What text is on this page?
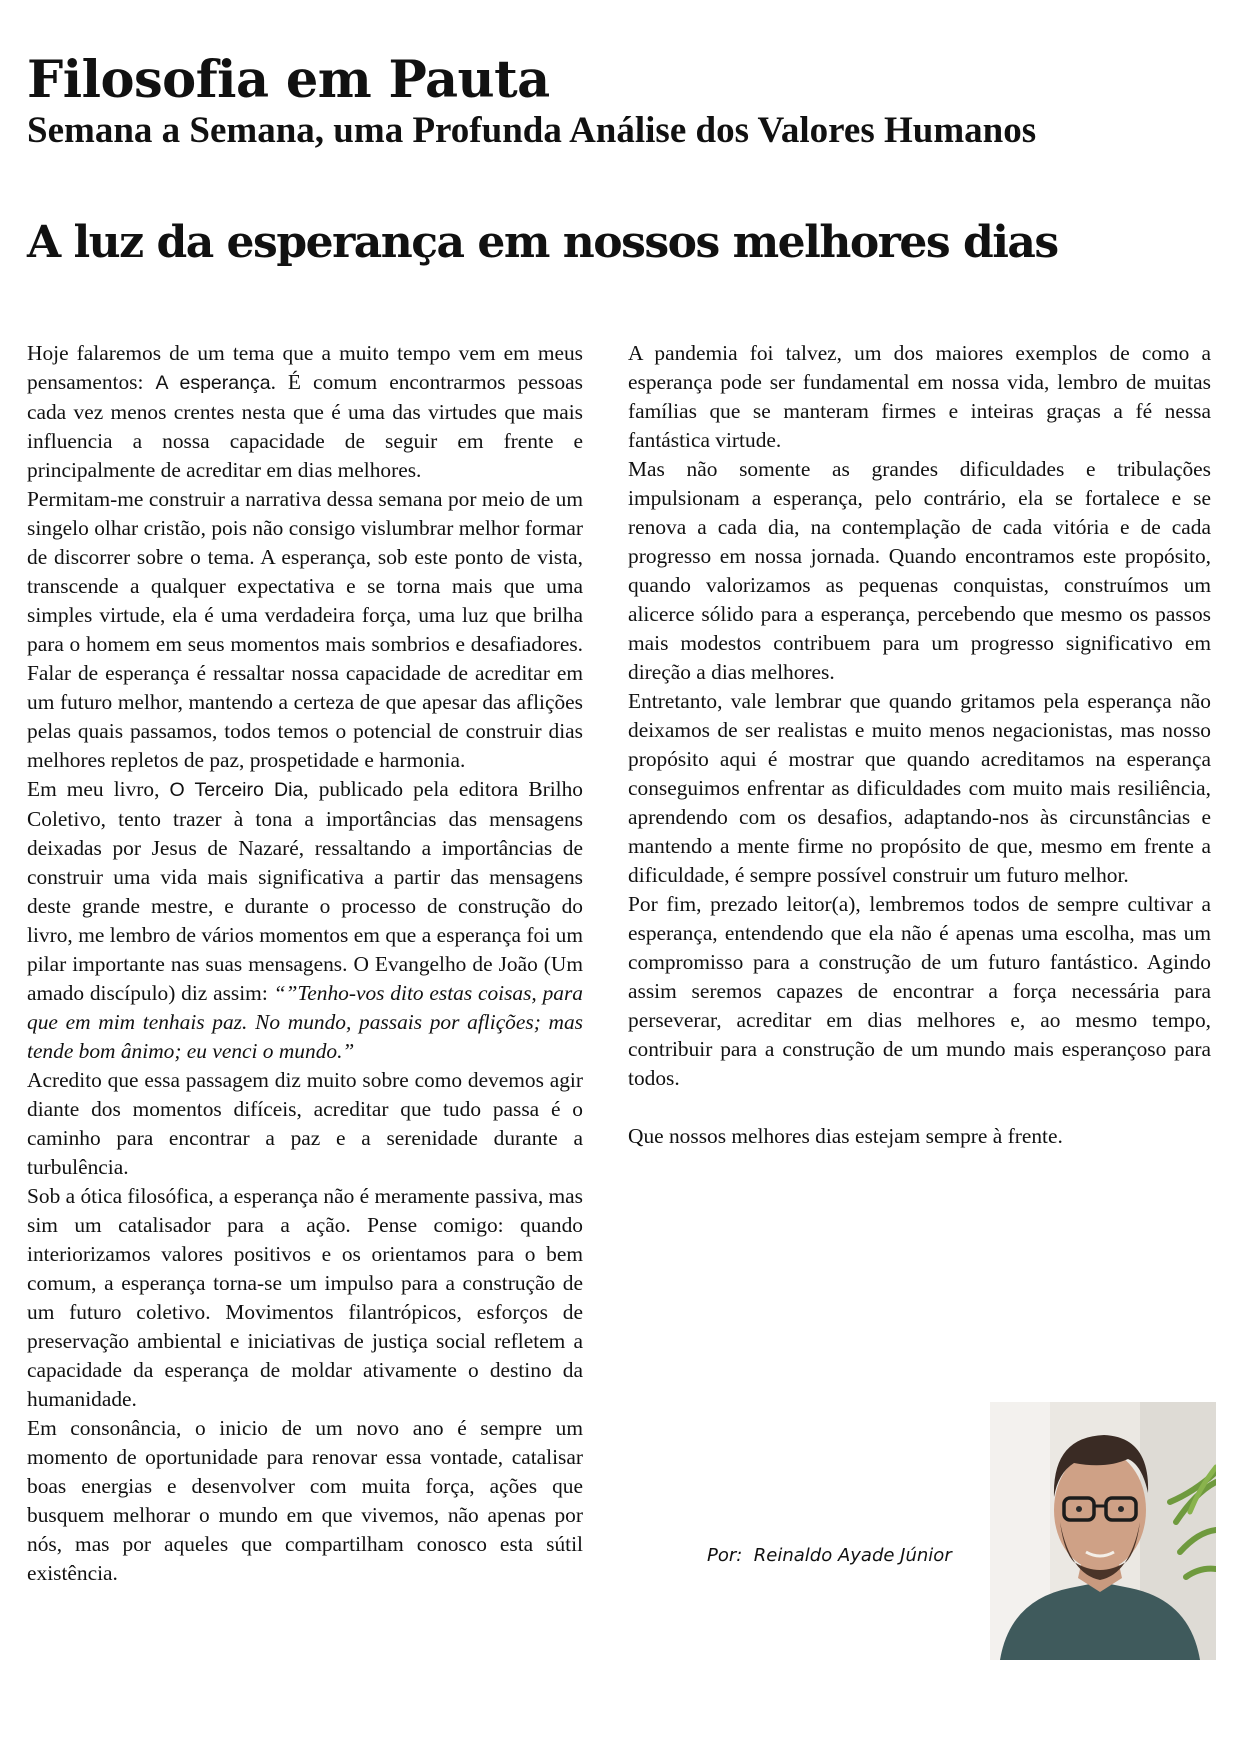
Filosofia em Pauta
Semana a Semana, uma Profunda Análise dos Valores Humanos
A luz da esperança em nossos melhores dias

Hoje falaremos de um tema que a muito tempo vem em meus pensamentos: A esperança. É comum encontrarmos pessoas cada vez menos crentes nesta que é uma das virtudes que mais influencia a nossa capacidade de seguir em frente e principalmente de acreditar em dias melhores.

Permitam-me construir a narrativa dessa semana por meio de um singelo olhar cristão, pois não consigo vislumbrar melhor formar de discorrer sobre o tema. A esperança, sob este ponto de vista, transcende a qualquer expectativa e se torna mais que uma simples virtude, ela é uma verdadeira força, uma luz que brilha para o homem em seus momentos mais sombrios e desafiadores. Falar de esperança é ressaltar nossa capacidade de acreditar em um futuro melhor, mantendo a certeza de que apesar das aflições pelas quais passamos, todos temos o potencial de construir dias melhores repletos de paz, prospetidade e harmonia.

Em meu livro, O Terceiro Dia, publicado pela editora Brilho Coletivo, tento trazer à tona a importâncias das mensagens deixadas por Jesus de Nazaré, ressaltando a importâncias de construir uma vida mais significativa a partir das mensagens deste grande mestre, e durante o processo de construção do livro, me lembro de vários momentos em que a esperança foi um pilar importante nas suas mensagens. O Evangelho de João (Um amado discípulo) diz assim: “”Tenho-vos dito estas coisas, para que em mim tenhais paz. No mundo, passais por aflições; mas tende bom ânimo; eu venci o mundo.”

Acredito que essa passagem diz muito sobre como devemos agir diante dos momentos difíceis, acreditar que tudo passa é o caminho para encontrar a paz e a serenidade durante a turbulência.

Sob a ótica filosófica, a esperança não é meramente passiva, mas sim um catalisador para a ação. Pense comigo: quando interiorizamos valores positivos e os orientamos para o bem comum, a esperança torna-se um impulso para a construção de um futuro coletivo. Movimentos filantrópicos, esforços de preservação ambiental e iniciativas de justiça social refletem a capacidade da esperança de moldar ativamente o destino da humanidade.

Em consonância, o inicio de um novo ano é sempre um momento de oportunidade para renovar essa vontade, catalisar boas energias e desenvolver com muita força, ações que busquem melhorar o mundo em que vivemos, não apenas por nós, mas por aqueles que compartilham conosco esta sútil existência.

A pandemia foi talvez, um dos maiores exemplos de como a esperança pode ser fundamental em nossa vida, lembro de muitas famílias que se manteram firmes e inteiras graças a fé nessa fantástica virtude.

Mas não somente as grandes dificuldades e tribulações impulsionam a esperança, pelo contrário, ela se fortalece e se renova a cada dia, na contemplação de cada vitória e de cada progresso em nossa jornada. Quando encontramos este propósito, quando valorizamos as pequenas conquistas, construímos um alicerce sólido para a esperança, percebendo que mesmo os passos mais modestos contribuem para um progresso significativo em direção a dias melhores.

Entretanto, vale lembrar que quando gritamos pela esperança não deixamos de ser realistas e muito menos negacionistas, mas nosso propósito aqui é mostrar que quando acreditamos na esperança conseguimos enfrentar as dificuldades com muito mais resiliência, aprendendo com os desafios, adaptando-nos às circunstâncias e mantendo a mente firme no propósito de que, mesmo em frente a dificuldade, é sempre possível construir um futuro melhor.

Por fim, prezado leitor(a), lembremos todos de sempre cultivar a esperança, entendendo que ela não é apenas uma escolha, mas um compromisso para a construção de um futuro fantástico. Agindo assim seremos capazes de encontrar a força necessária para perseverar, acreditar em dias melhores e, ao mesmo tempo, contribuir para a construção de um mundo mais esperançoso para todos.

Que nossos melhores dias estejam sempre à frente.

Por:  Reinaldo Ayade Júnior
